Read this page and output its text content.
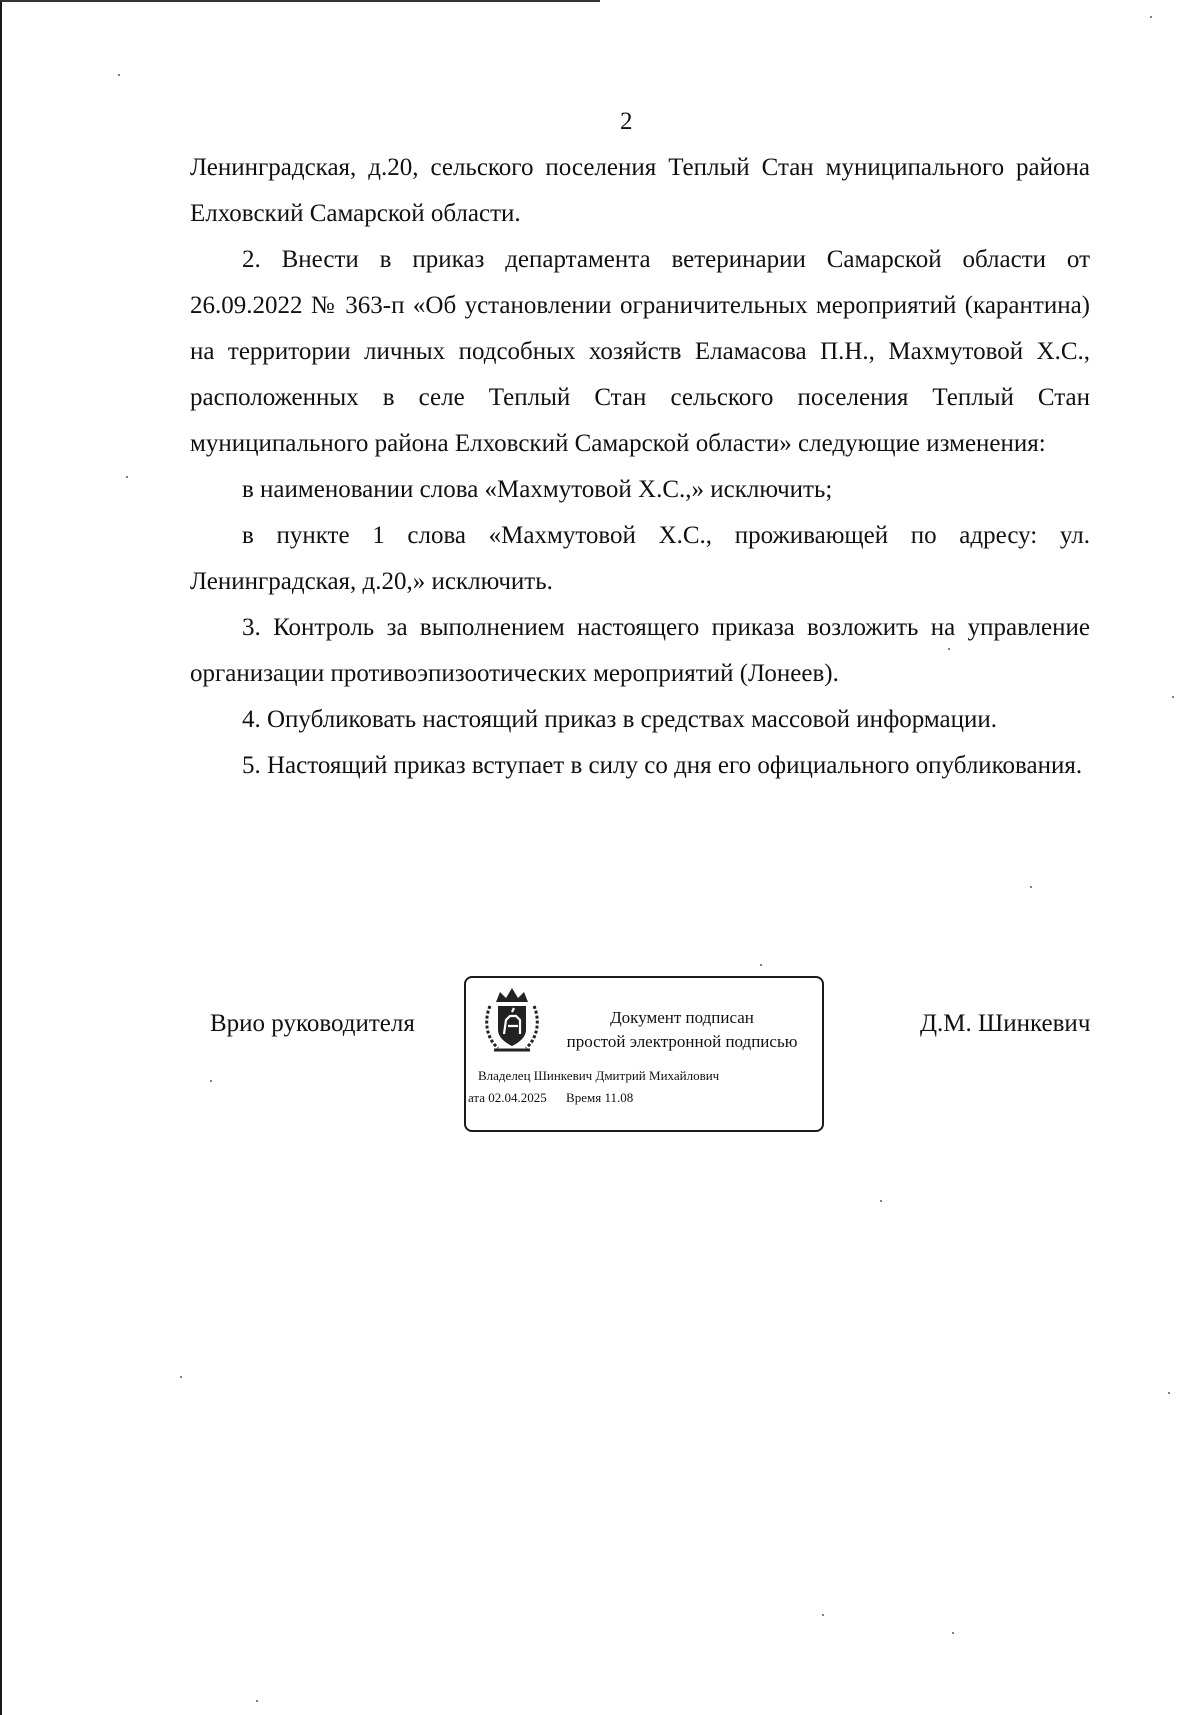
2

Ленинградская, д.20, сельского поселения Теплый Стан муниципального района Елховский Самарской области.

2. Внести в приказ департамента ветеринарии Самарской области от 26.09.2022 № 363-п «Об установлении ограничительных мероприятий (карантина) на территории личных подсобных хозяйств Еламасова П.Н., Махмутовой Х.С., расположенных в селе Теплый Стан сельского поселения Теплый Стан муниципального района Елховский Самарской области» следующие изменения:

в наименовании слова «Махмутовой Х.С.,» исключить;

в пункте 1 слова «Махмутовой Х.С., проживающей по адресу: ул. Ленинградская, д.20,» исключить.

3. Контроль за выполнением настоящего приказа возложить на управление организации противоэпизоотических мероприятий (Лонеев).

4. Опубликовать настоящий приказ в средствах массовой информации.

5. Настоящий приказ вступает в силу со дня его официального опубликования.

Врио руководителя	Документ подписан
простой электронной подписью
Владелец Шинкевич Дмитрий Михайлович
ата 02.04.2025 Время 11.08
Д.М. Шинкевич
